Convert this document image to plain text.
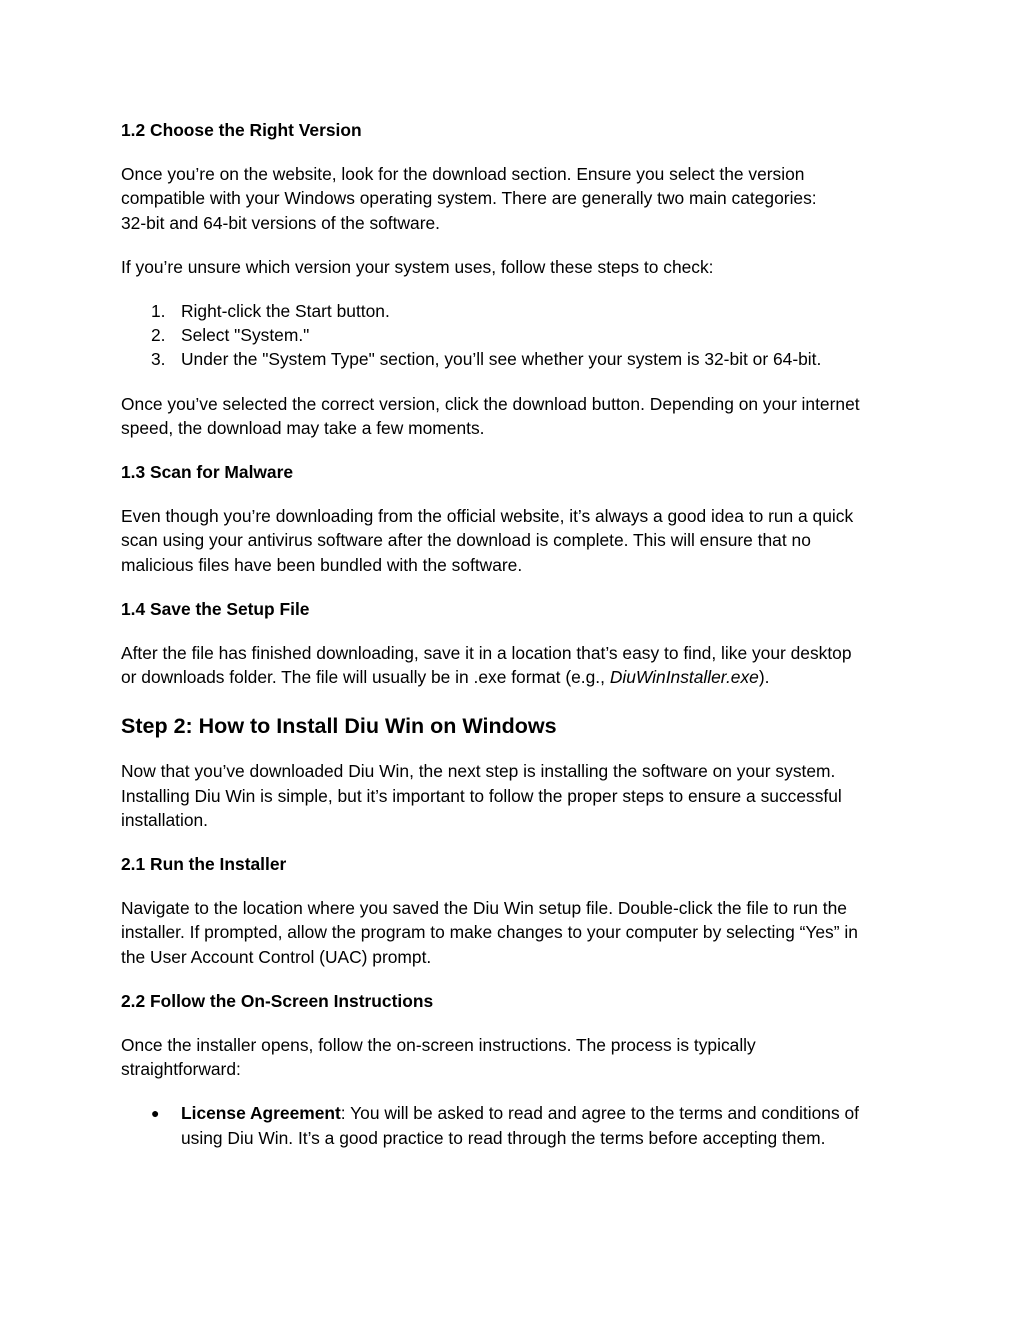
1.2 Choose the Right Version

Once you’re on the website, look for the download section. Ensure you select the version
compatible with your Windows operating system. There are generally two main categories:
32-bit and 64-bit versions of the software.

If you’re unsure which version your system uses, follow these steps to check:

1. Right-click the Start button.
2. Select "System."
3. Under the "System Type" section, you’ll see whether your system is 32-bit or 64-bit.

Once you’ve selected the correct version, click the download button. Depending on your internet
speed, the download may take a few moments.

1.3 Scan for Malware

Even though you’re downloading from the official website, it’s always a good idea to run a quick
scan using your antivirus software after the download is complete. This will ensure that no
malicious files have been bundled with the software.

1.4 Save the Setup File

After the file has finished downloading, save it in a location that’s easy to find, like your desktop
or downloads folder. The file will usually be in .exe format (e.g., DiuWinInstaller.exe).

Step 2: How to Install Diu Win on Windows

Now that you’ve downloaded Diu Win, the next step is installing the software on your system.
Installing Diu Win is simple, but it’s important to follow the proper steps to ensure a successful
installation.

2.1 Run the Installer

Navigate to the location where you saved the Diu Win setup file. Double-click the file to run the
installer. If prompted, allow the program to make changes to your computer by selecting “Yes” in
the User Account Control (UAC) prompt.

2.2 Follow the On-Screen Instructions

Once the installer opens, follow the on-screen instructions. The process is typically
straightforward:

● License Agreement: You will be asked to read and agree to the terms and conditions of
using Diu Win. It’s a good practice to read through the terms before accepting them.
